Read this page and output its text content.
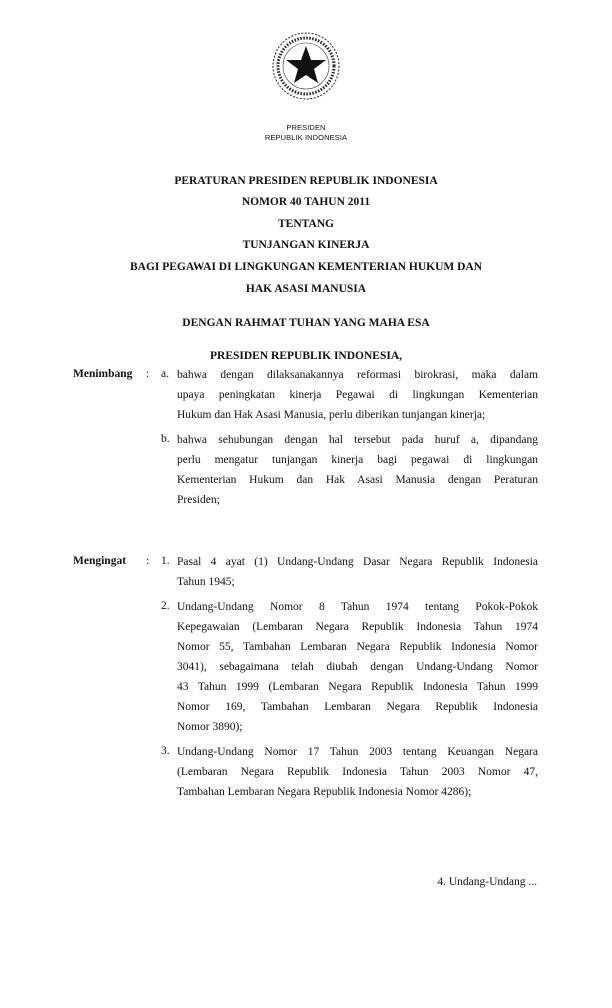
PRESIDEN
REPUBLIK INDONESIA
PERATURAN PRESIDEN REPUBLIK INDONESIA
NOMOR 40 TAHUN 2011
TENTANG
TUNJANGAN KINERJA
BAGI PEGAWAI DI LINGKUNGAN KEMENTERIAN HUKUM DAN
HAK ASASI MANUSIA
DENGAN RAHMAT TUHAN YANG MAHA ESA
PRESIDEN REPUBLIK INDONESIA,
Menimbang : a. bahwa dengan dilaksanakannya reformasi birokrasi, maka dalam
upaya peningkatan kinerja Pegawai di lingkungan Kementerian
Hukum dan Hak Asasi Manusia, perlu diberikan tunjangan kinerja;
b. bahwa sehubungan dengan hal tersebut pada huruf a, dipandang
perlu mengatur tunjangan kinerja bagi pegawai di lingkungan
Kementerian Hukum dan Hak Asasi Manusia dengan Peraturan
Presiden;
Mengingat : 1. Pasal 4 ayat (1) Undang-Undang Dasar Negara Republik Indonesia
Tahun 1945;
2. Undang-Undang Nomor 8 Tahun 1974 tentang Pokok-Pokok
Kepegawaian (Lembaran Negara Republik Indonesia Tahun 1974
Nomor 55, Tambahan Lembaran Negara Republik Indonesia Nomor
3041), sebagaimana telah diubah dengan Undang-Undang Nomor
43 Tahun 1999 (Lembaran Negara Republik Indonesia Tahun 1999
Nomor 169, Tambahan Lembaran Negara Republik Indonesia
Nomor 3890);
3. Undang-Undang Nomor 17 Tahun 2003 tentang Keuangan Negara
(Lembaran Negara Republik Indonesia Tahun 2003 Nomor 47,
Tambahan Lembaran Negara Republik Indonesia Nomor 4286);
4. Undang-Undang ...
